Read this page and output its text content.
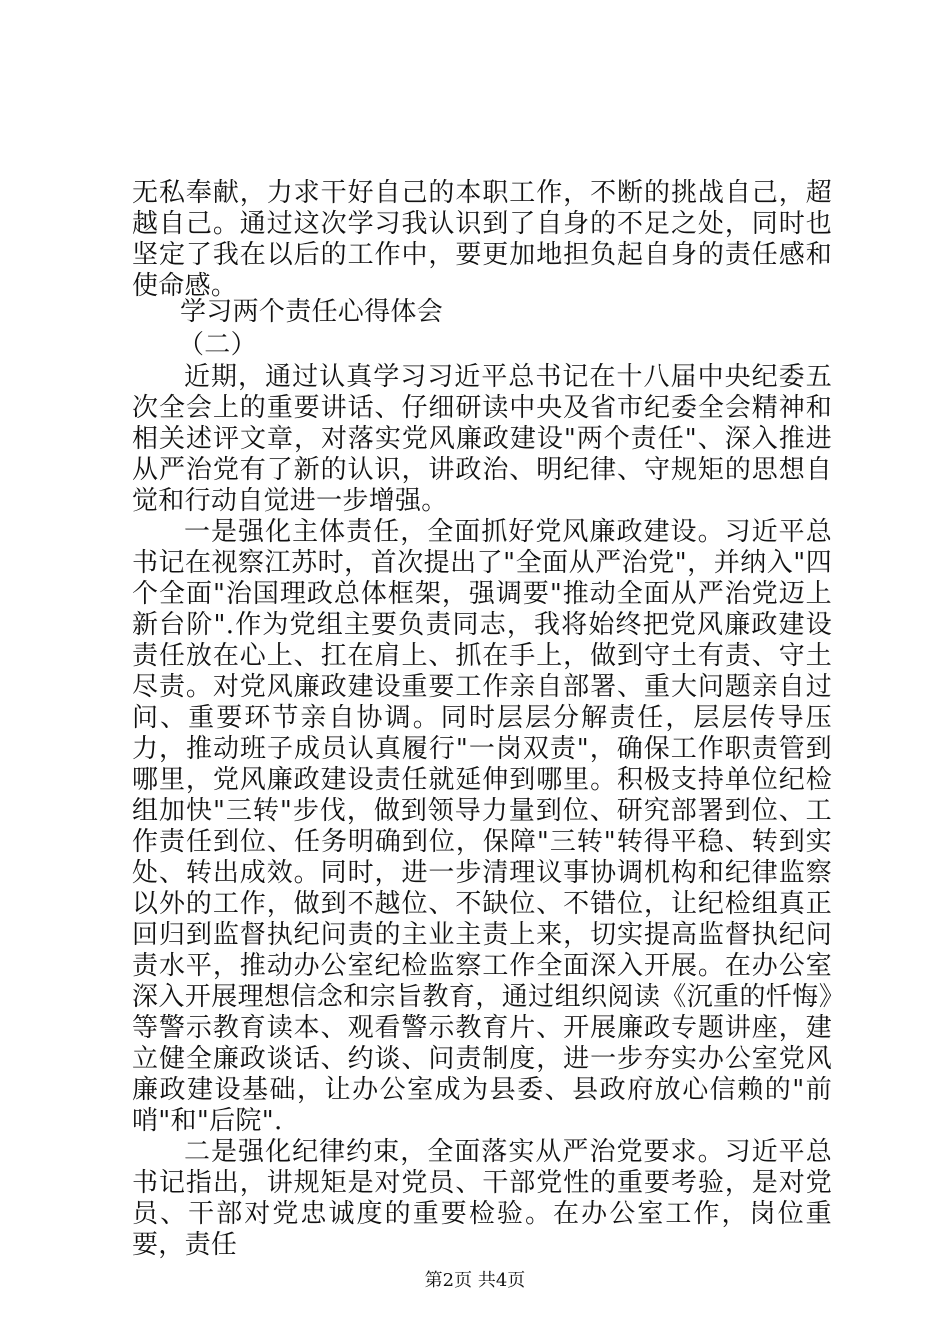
无私奉献，力求干好自己的本职工作，不断的挑战自己，超越自己。通过这次学习我认识到了自身的不足之处，同时也坚定了我在以后的工作中，要更加地担负起自身的责任感和使命感。

学习两个责任心得体会

（二）

近期，通过认真学习习近平总书记在十八届中央纪委五次全会上的重要讲话、仔细研读中央及省市纪委全会精神和相关述评文章，对落实党风廉政建设"两个责任"、深入推进从严治党有了新的认识，讲政治、明纪律、守规矩的思想自觉和行动自觉进一步增强。

一是强化主体责任，全面抓好党风廉政建设。习近平总书记在视察江苏时，首次提出了"全面从严治党"，并纳入"四个全面"治国理政总体框架，强调要"推动全面从严治党迈上新台阶".作为党组主要负责同志，我将始终把党风廉政建设责任放在心上、扛在肩上、抓在手上，做到守土有责、守土尽责。对党风廉政建设重要工作亲自部署、重大问题亲自过问、重要环节亲自协调。同时层层分解责任，层层传导压力，推动班子成员认真履行"一岗双责"，确保工作职责管到哪里，党风廉政建设责任就延伸到哪里。积极支持单位纪检组加快"三转"步伐，做到领导力量到位、研究部署到位、工作责任到位、任务明确到位，保障"三转"转得平稳、转到实处、转出成效。同时，进一步清理议事协调机构和纪律监察以外的工作，做到不越位、不缺位、不错位，让纪检组真正回归到监督执纪问责的主业主责上来，切实提高监督执纪问责水平，推动办公室纪检监察工作全面深入开展。在办公室深入开展理想信念和宗旨教育，通过组织阅读《沉重的忏悔》等警示教育读本、观看警示教育片、开展廉政专题讲座，建立健全廉政谈话、约谈、问责制度，进一步夯实办公室党风廉政建设基础，让办公室成为县委、县政府放心信赖的"前哨"和"后院".

二是强化纪律约束，全面落实从严治党要求。习近平总书记指出，讲规矩是对党员、干部党性的重要考验，是对党员、干部对党忠诚度的重要检验。在办公室工作，岗位重要，责任

第2页 共4页
